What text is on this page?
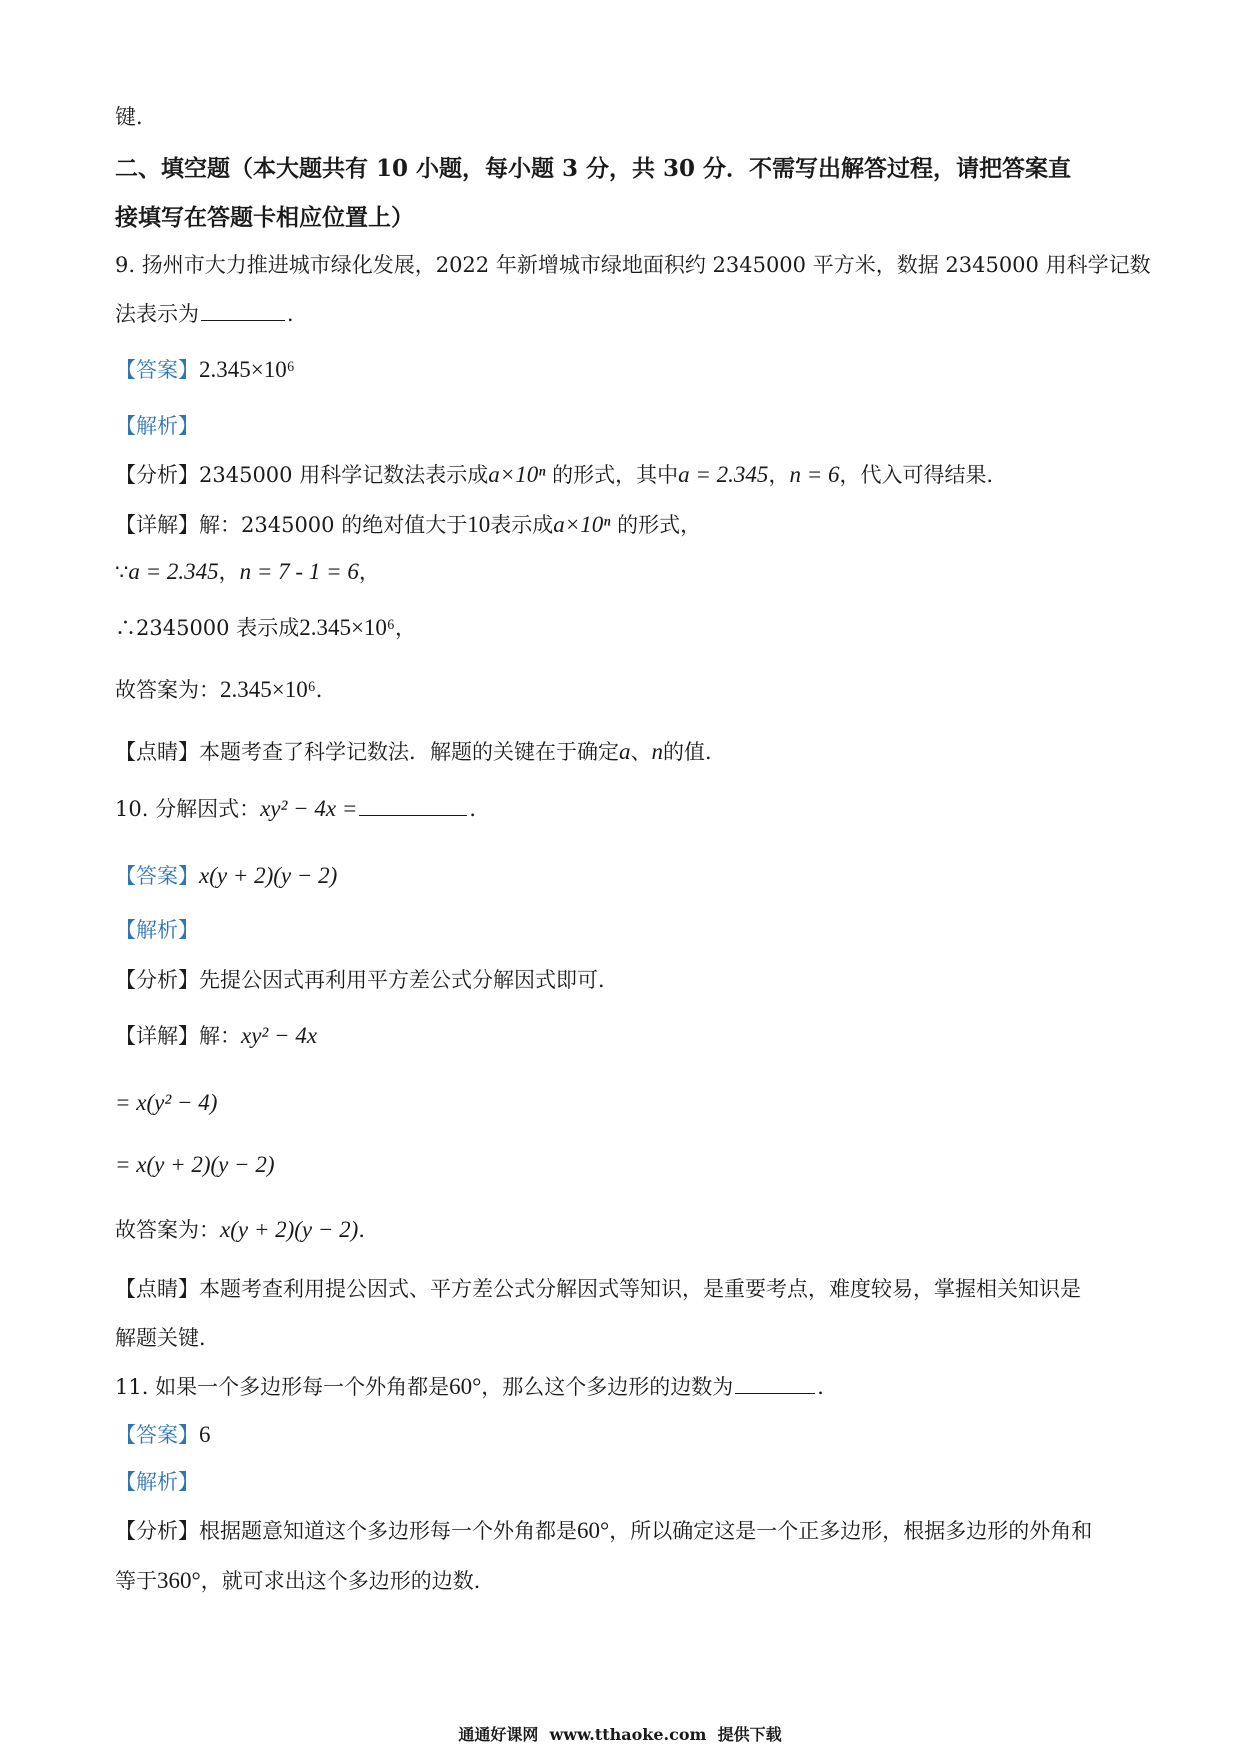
键．
二、填空题（本大题共有 10 小题，每小题 3 分，共 30 分．不需写出解答过程，请把答案直
接填写在答题卡相应位置上）
9. 扬州市大力推进城市绿化发展，2022 年新增城市绿地面积约 2345000 平方米，数据 2345000 用科学记数
法表示为	．
【答案】2.345×10⁶
【解析】
【分析】2345000 用科学记数法表示成a×10ⁿ 的形式，其中a = 2.345，n = 6，代入可得结果．
【详解】解：2345000 的绝对值大于10表示成a×10ⁿ 的形式，
∵a = 2.345，n = 7 - 1 = 6，
∴2345000 表示成2.345×10⁶，
故答案为：2.345×10⁶．
【点睛】本题考查了科学记数法．解题的关键在于确定a、n的值．
10. 分解因式：xy² − 4x =	．
【答案】x(y + 2)(y − 2)
【解析】
【分析】先提公因式再利用平方差公式分解因式即可．
【详解】解：xy² − 4x
= x(y² − 4)
= x(y + 2)(y − 2)
故答案为：x(y + 2)(y − 2)．
【点睛】本题考查利用提公因式、平方差公式分解因式等知识，是重要考点，难度较易，掌握相关知识是
解题关键．
11. 如果一个多边形每一个外角都是60°，那么这个多边形的边数为	．
【答案】6
【解析】
【分析】根据题意知道这个多边形每一个外角都是60°，所以确定这是一个正多边形，根据多边形的外角和
等于360°，就可求出这个多边形的边数．
通通好课网  www.tthaoke.com  提供下载
